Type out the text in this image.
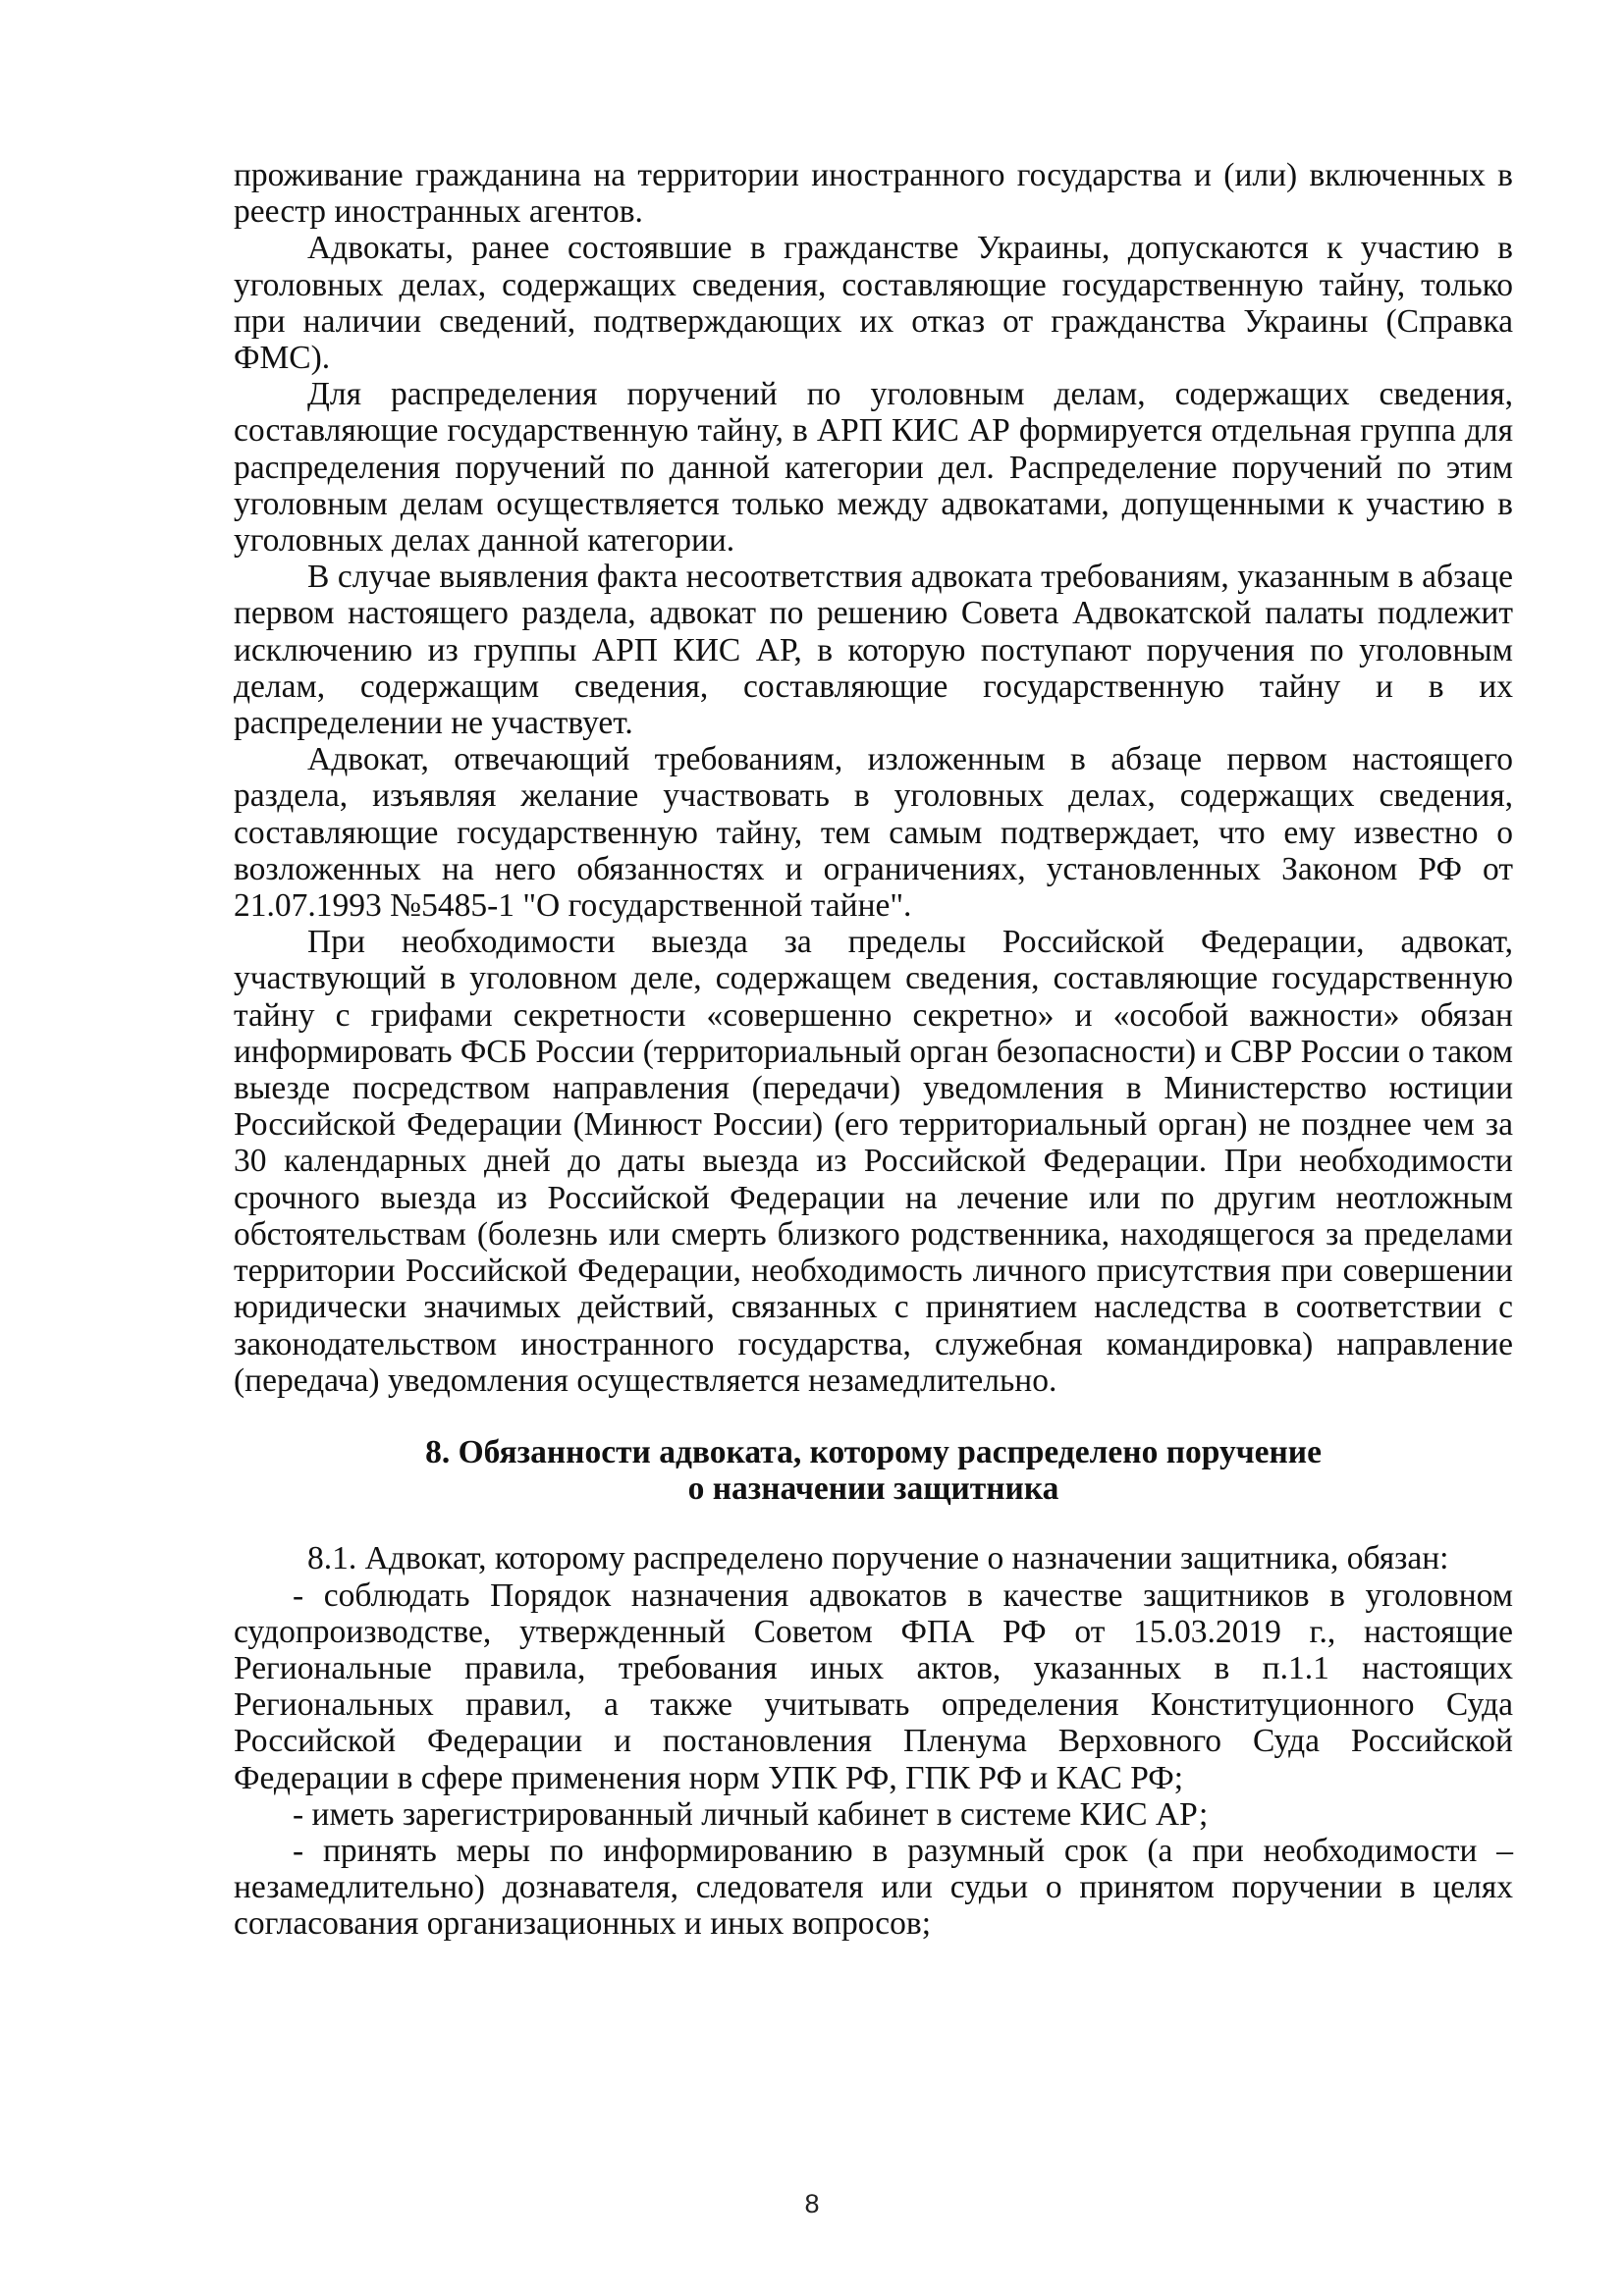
проживание гражданина на территории иностранного государства и (или) включенных в реестр иностранных агентов.

Адвокаты, ранее состоявшие в гражданстве Украины, допускаются к участию в уголовных делах, содержащих сведения, составляющие государственную тайну, только при наличии сведений, подтверждающих их отказ от гражданства Украины (Справка ФМС).

Для распределения поручений по уголовным делам, содержащих сведения, составляющие государственную тайну, в АРП КИС АР формируется отдельная группа для распределения поручений по данной категории дел. Распределение поручений по этим уголовным делам осуществляется только между адвокатами, допущенными к участию в уголовных делах данной категории.

В случае выявления факта несоответствия адвоката требованиям, указанным в абзаце первом настоящего раздела, адвокат по решению Совета Адвокатской палаты подлежит исключению из группы АРП КИС АР, в которую поступают поручения по уголовным делам, содержащим сведения, составляющие государственную тайну и в их распределении не участвует.

Адвокат, отвечающий требованиям, изложенным в абзаце первом настоящего раздела, изъявляя желание участвовать в уголовных делах, содержащих сведения, составляющие государственную тайну, тем самым подтверждает, что ему известно о возложенных на него обязанностях и ограничениях, установленных Законом РФ от 21.07.1993 №5485-1 "О государственной тайне".

При необходимости выезда за пределы Российской Федерации, адвокат, участвующий в уголовном деле, содержащем сведения, составляющие государственную тайну с грифами секретности «совершенно секретно» и «особой важности» обязан информировать ФСБ России (территориальный орган безопасности) и СВР России о таком выезде посредством направления (передачи) уведомления в Министерство юстиции Российской Федерации (Минюст России) (его территориальный орган) не позднее чем за 30 календарных дней до даты выезда из Российской Федерации. При необходимости срочного выезда из Российской Федерации на лечение или по другим неотложным обстоятельствам (болезнь или смерть близкого родственника, находящегося за пределами территории Российской Федерации, необходимость личного присутствия при совершении юридически значимых действий, связанных с принятием наследства в соответствии с законодательством иностранного государства, служебная командировка) направление (передача) уведомления осуществляется незамедлительно.

8. Обязанности адвоката, которому распределено поручение
о назначении защитника

8.1. Адвокат, которому распределено поручение о назначении защитника, обязан:

- соблюдать Порядок назначения адвокатов в качестве защитников в уголовном судопроизводстве, утвержденный Советом ФПА РФ от 15.03.2019 г., настоящие Региональные правила, требования иных актов, указанных в п.1.1 настоящих Региональных правил, а также учитывать определения Конституционного Суда Российской Федерации и постановления Пленума Верховного Суда Российской Федерации в сфере применения норм УПК РФ, ГПК РФ и КАС РФ;

- иметь зарегистрированный личный кабинет в системе КИС АР;

- принять меры по информированию в разумный срок (а при необходимости – незамедлительно) дознавателя, следователя или судьи о принятом поручении в целях согласования организационных и иных вопросов;

8
